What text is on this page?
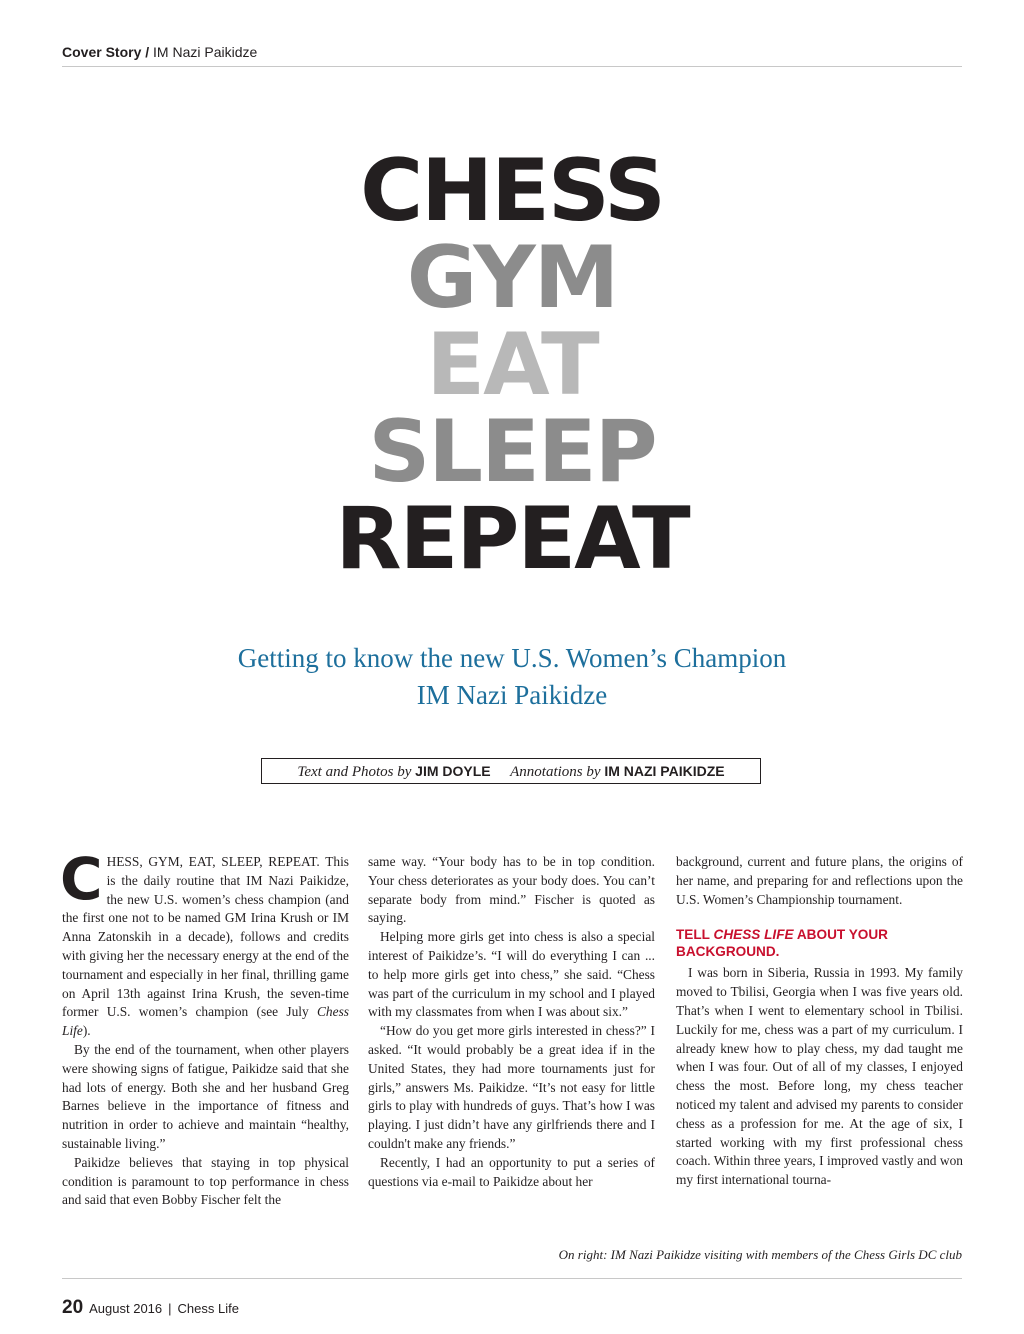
Cover Story / IM Nazi Paikidze
CHESS
GYM
EAT
SLEEP
REPEAT
Getting to know the new U.S. Women’s Champion
IM Nazi Paikidze
Text and Photos by JIM DOYLE Annotations by IM NAZI PAIKIDZE

CHESS, GYM, EAT, SLEEP, REPEAT. This is the daily routine that IM Nazi Paikidze, the new U.S. women’s chess champion (and the first one not to be named GM Irina Krush or IM Anna Zatonskih in a decade), follows and credits with giving her the necessary energy at the end of the tournament and especially in her final, thrilling game on April 13th against Irina Krush, the seven-time former U.S. women’s champion (see July Chess Life).

By the end of the tournament, when other players were showing signs of fatigue, Paikidze said that she had lots of energy. Both she and her husband Greg Barnes believe in the importance of fitness and nutrition in order to achieve and maintain “healthy, sustainable living.”

Paikidze believes that staying in top physical condition is paramount to top performance in chess and said that even Bobby Fischer felt the

same way. “Your body has to be in top condition. Your chess deteriorates as your body does. You can’t separate body from mind.” Fischer is quoted as saying.

Helping more girls get into chess is also a special interest of Paikidze’s. “I will do everything I can ... to help more girls get into chess,” she said. “Chess was part of the curriculum in my school and I played with my classmates from when I was about six.”

“How do you get more girls interested in chess?” I asked. “It would probably be a great idea if in the United States, they had more tournaments just for girls,” answers Ms. Paikidze. “It’s not easy for little girls to play with hundreds of guys. That’s how I was playing. I just didn’t have any girlfriends there and I couldn't make any friends.”

Recently, I had an opportunity to put a series of questions via e-mail to Paikidze about her

background, current and future plans, the origins of her name, and preparing for and reflections upon the U.S. Women’s Championship tournament.

TELL CHESS LIFE ABOUT YOUR BACKGROUND.

I was born in Siberia, Russia in 1993. My family moved to Tbilisi, Georgia when I was five years old. That’s when I went to elementary school in Tbilisi. Luckily for me, chess was a part of my curriculum. I already knew how to play chess, my dad taught me when I was four. Out of all of my classes, I enjoyed chess the most. Before long, my chess teacher noticed my talent and advised my parents to consider chess as a profession for me. At the age of six, I started working with my first professional chess coach. Within three years, I improved vastly and won my first international tourna-

On right: IM Nazi Paikidze visiting with members of the Chess Girls DC club
20 August 2016 | Chess Life
